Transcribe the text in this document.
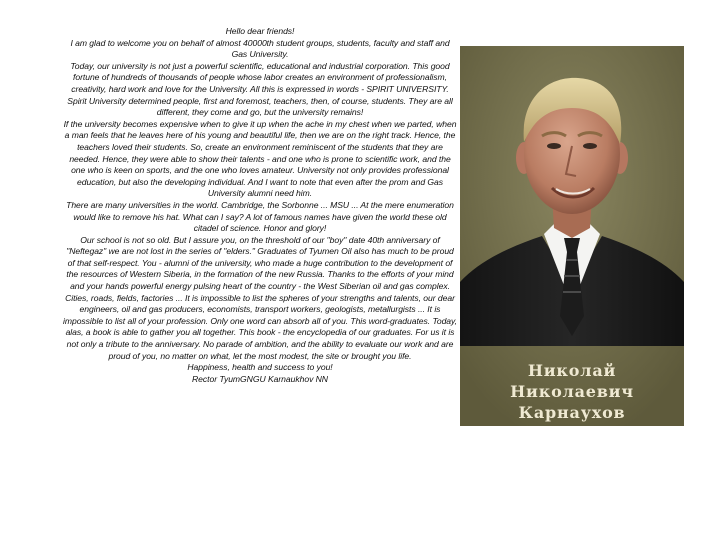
Hello dear friends!

I am glad to welcome you on behalf of almost 40000th student groups, students, faculty and staff and Gas University.

Today, our university is not just a powerful scientific, educational and industrial corporation. This good fortune of hundreds of thousands of people whose labor creates an environment of professionalism, creativity, hard work and love for the University. All this is expressed in words - SPIRIT UNIVERSITY. Spirit University determined people, first and foremost, teachers, then, of course, students. They are all different, they come and go, but the university remains!

If the university becomes expensive when to give it up when the ache in my chest when we parted, when a man feels that he leaves here of his young and beautiful life, then we are on the right track. Hence, the teachers loved their students. So, create an environment reminiscent of the students that they are needed. Hence, they were able to show their talents - and one who is prone to scientific work, and the one who is keen on sports, and the one who loves amateur. University not only provides professional education, but also the developing individual. And I want to note that even after the prom and Gas University alumni need him.

There are many universities in the world. Cambridge, the Sorbonne ... MSU ... At the mere enumeration would like to remove his hat. What can I say? A lot of famous names have given the world these old citadel of science. Honor and glory!

Our school is not so old. But I assure you, on the threshold of our "boy" date 40th anniversary of "Neftegaz" we are not lost in the series of "elders." Graduates of Tyumen Oil also has much to be proud of that self-respect. You - alumni of the university, who made a huge contribution to the development of the resources of Western Siberia, in the formation of the new Russia. Thanks to the efforts of your mind and your hands powerful energy pulsing heart of the country - the West Siberian oil and gas complex.

Cities, roads, fields, factories ... It is impossible to list the spheres of your strengths and talents, our dear engineers, oil and gas producers, economists, transport workers, geologists, metallurgists ... It is impossible to list all of your profession. Only one word can absorb all of you. This word-graduates. Today, alas, a book is able to gather you all together. This book - the encyclopedia of our graduates. For us it is not only a tribute to the anniversary. No parade of ambition, and the ability to evaluate our work and are proud of you, no matter on what, let the most modest, the site or brought you life.

Happiness, health and success to you!

Rector TyumGNGU Karnaukhov NN	Николай
Николаевич
Карнаухов
